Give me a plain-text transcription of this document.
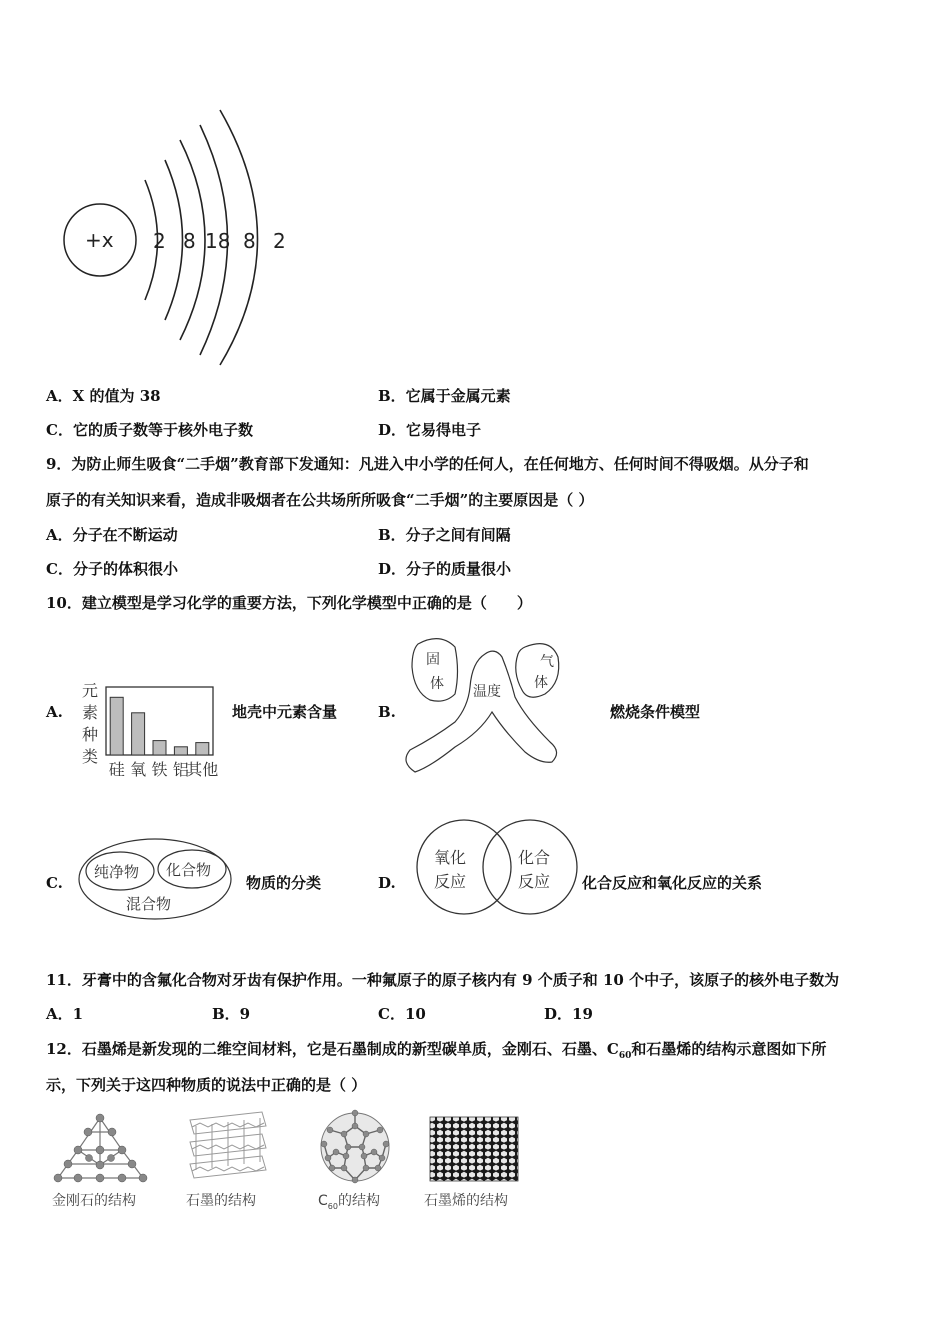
+x 2 8 18 8 2
A．X 的值为 38	B．它属于金属元素
C．它的质子数等于核外电子数	D．它易得电子
9．为防止师生吸食“二手烟”教育部下发通知：凡进入中小学的任何人，在任何地方、任何时间不得吸烟。从分子和
原子的有关知识来看，造成非吸烟者在公共场所所吸食“二手烟”的主要原因是（ ）
A．分子在不断运动	B．分子之间有间隔
C．分子的体积很小	D．分子的质量很小
10．建立模型是学习化学的重要方法，下列化学模型中正确的是（　　）
A.
元
素
种
类
硅 氧 铁 铝
其他
地壳中元素含量	B.
固
体
气
体
温度
燃烧条件模型
C.
纯净物 化合物
混合物
物质的分类	D.
氧化
反应
化合
反应 化合反应和氧化反应的关系
11．牙膏中的含氟化合物对牙齿有保护作用。一种氟原子的原子核内有 9 个质子和 10 个中子，该原子的核外电子数为
A．1	B．9	C．10	D．19
12．石墨烯是新发现的二维空间材料，它是石墨制成的新型碳单质，金刚石、石墨、$C_{60}$和石墨烯的结构示意图如下所
示，下列关于这四种物质的说法中正确的是（ ）
金刚石的结构	石墨的结构	$C_{60}$的结构	石墨烯的结构
